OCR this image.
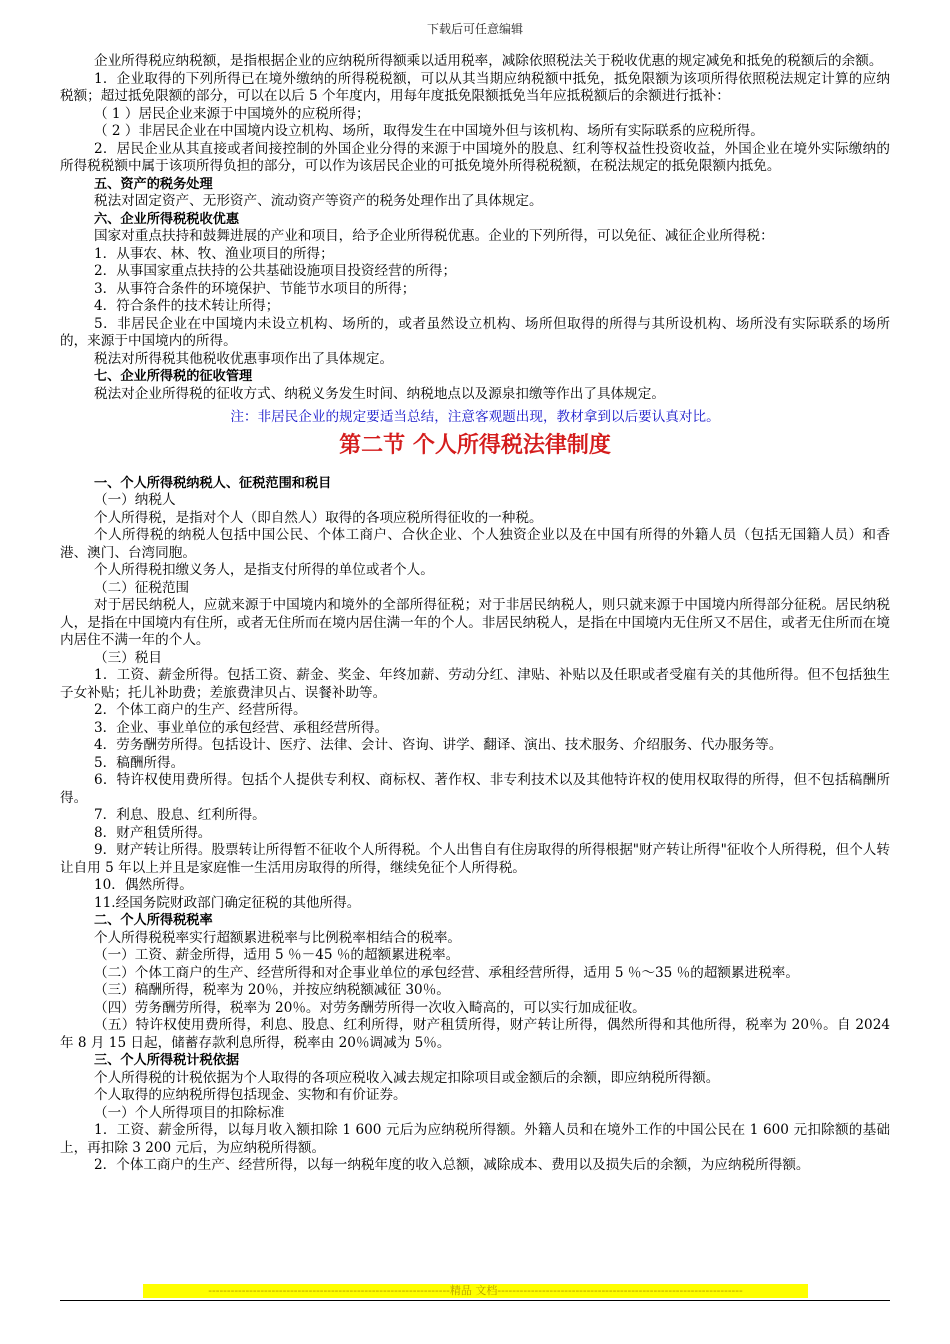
下载后可任意编辑

企业所得税应纳税额，是指根据企业的应纳税所得额乘以适用税率，减除依照税法关于税收优惠的规定减免和抵免的税额后的余额。

1．企业取得的下列所得已在境外缴纳的所得税税额，可以从其当期应纳税额中抵免，抵免限额为该项所得依照税法规定计算的应纳税额；超过抵免限额的部分，可以在以后 5 个年度内，用每年度抵免限额抵免当年应抵税额后的余额进行抵补：

（ 1 ）居民企业来源于中国境外的应税所得；

（ 2 ）非居民企业在中国境内设立机构、场所，取得发生在中国境外但与该机构、场所有实际联系的应税所得。

2．居民企业从其直接或者间接控制的外国企业分得的来源于中国境外的股息、红利等权益性投资收益，外国企业在境外实际缴纳的所得税税额中属于该项所得负担的部分，可以作为该居民企业的可抵免境外所得税税额，在税法规定的抵免限额内抵免。

五、资产的税务处理

税法对固定资产、无形资产、流动资产等资产的税务处理作出了具体规定。

六、企业所得税税收优惠

国家对重点扶持和鼓舞进展的产业和项目，给予企业所得税优惠。企业的下列所得，可以免征、减征企业所得税：

1．从事农、林、牧、渔业项目的所得；

2．从事国家重点扶持的公共基础设施项目投资经营的所得；

3．从事符合条件的环境保护、节能节水项目的所得；

4．符合条件的技术转让所得；

5．非居民企业在中国境内未设立机构、场所的，或者虽然设立机构、场所但取得的所得与其所设机构、场所没有实际联系的场所的，来源于中国境内的所得。

税法对所得税其他税收优惠事项作出了具体规定。

七、企业所得税的征收管理

税法对企业所得税的征收方式、纳税义务发生时间、纳税地点以及源泉扣缴等作出了具体规定。

注：非居民企业的规定要适当总结，注意客观题出现，教材拿到以后要认真对比。

第二节 个人所得税法律制度

一、个人所得税纳税人、征税范围和税目

（一）纳税人

个人所得税，是指对个人（即自然人）取得的各项应税所得征收的一种税。

个人所得税的纳税人包括中国公民、个体工商户、合伙企业、个人独资企业以及在中国有所得的外籍人员（包括无国籍人员）和香港、澳门、台湾同胞。

个人所得税扣缴义务人，是指支付所得的单位或者个人。

（二）征税范围

对于居民纳税人，应就来源于中国境内和境外的全部所得征税；对于非居民纳税人，则只就来源于中国境内所得部分征税。居民纳税人，是指在中国境内有住所，或者无住所而在境内居住满一年的个人。非居民纳税人，是指在中国境内无住所又不居住，或者无住所而在境内居住不满一年的个人。

（三）税目

1．工资、薪金所得。包括工资、薪金、奖金、年终加薪、劳动分红、津贴、补贴以及任职或者受雇有关的其他所得。但不包括独生子女补贴；托儿补助费；差旅费津贝占、误餐补助等。

2．个体工商户的生产、经营所得。

3．企业、事业单位的承包经营、承租经营所得。

4．劳务酬劳所得。包括设计、医疗、法律、会计、咨询、讲学、翻译、演出、技术服务、介绍服务、代办服务等。

5．稿酬所得。

6．特许权使用费所得。包括个人提供专利权、商标权、著作权、非专利技术以及其他特许权的使用权取得的所得，但不包括稿酬所得。

7．利息、股息、红利所得。

8．财产租赁所得。

9．财产转让所得。股票转让所得暂不征收个人所得税。个人出售自有住房取得的所得根据"财产转让所得"征收个人所得税，但个人转让自用 5 年以上并且是家庭惟一生活用房取得的所得，继续免征个人所得税。

10．偶然所得。

11.经国务院财政部门确定征税的其他所得。

二、个人所得税税率

个人所得税税率实行超额累进税率与比例税率相结合的税率。

（一）工资、薪金所得，适用 5 ％－45 ％的超额累进税率。

（二）个体工商户的生产、经营所得和对企事业单位的承包经营、承租经营所得，适用 5 ％～35 ％的超额累进税率。

（三）稿酬所得，税率为 20％，并按应纳税额减征 30％。

（四）劳务酬劳所得，税率为 20％。对劳务酬劳所得一次收入畸高的，可以实行加成征收。

（五）特许权使用费所得，利息、股息、红利所得，财产租赁所得，财产转让所得，偶然所得和其他所得，税率为 20％。自 2024 年 8 月 15 日起，储蓄存款利息所得，税率由 20％调减为 5％。

三、个人所得税计税依据

个人所得税的计税依据为个人取得的各项应税收入减去规定扣除项目或金额后的余额，即应纳税所得额。

个人取得的应纳税所得包括现金、实物和有价证券。

（一）个人所得项目的扣除标准

1．工资、薪金所得，以每月收入额扣除 1 600 元后为应纳税所得额。外籍人员和在境外工作的中国公民在 1 600 元扣除额的基础上，再扣除 3 200 元后，为应纳税所得额。

2．个体工商户的生产、经营所得，以每一纳税年度的收入总额，减除成本、费用以及损失后的余额，为应纳税所得额。

-----------------------------------------------------------------精品 文档------------------------------------------------------------------
